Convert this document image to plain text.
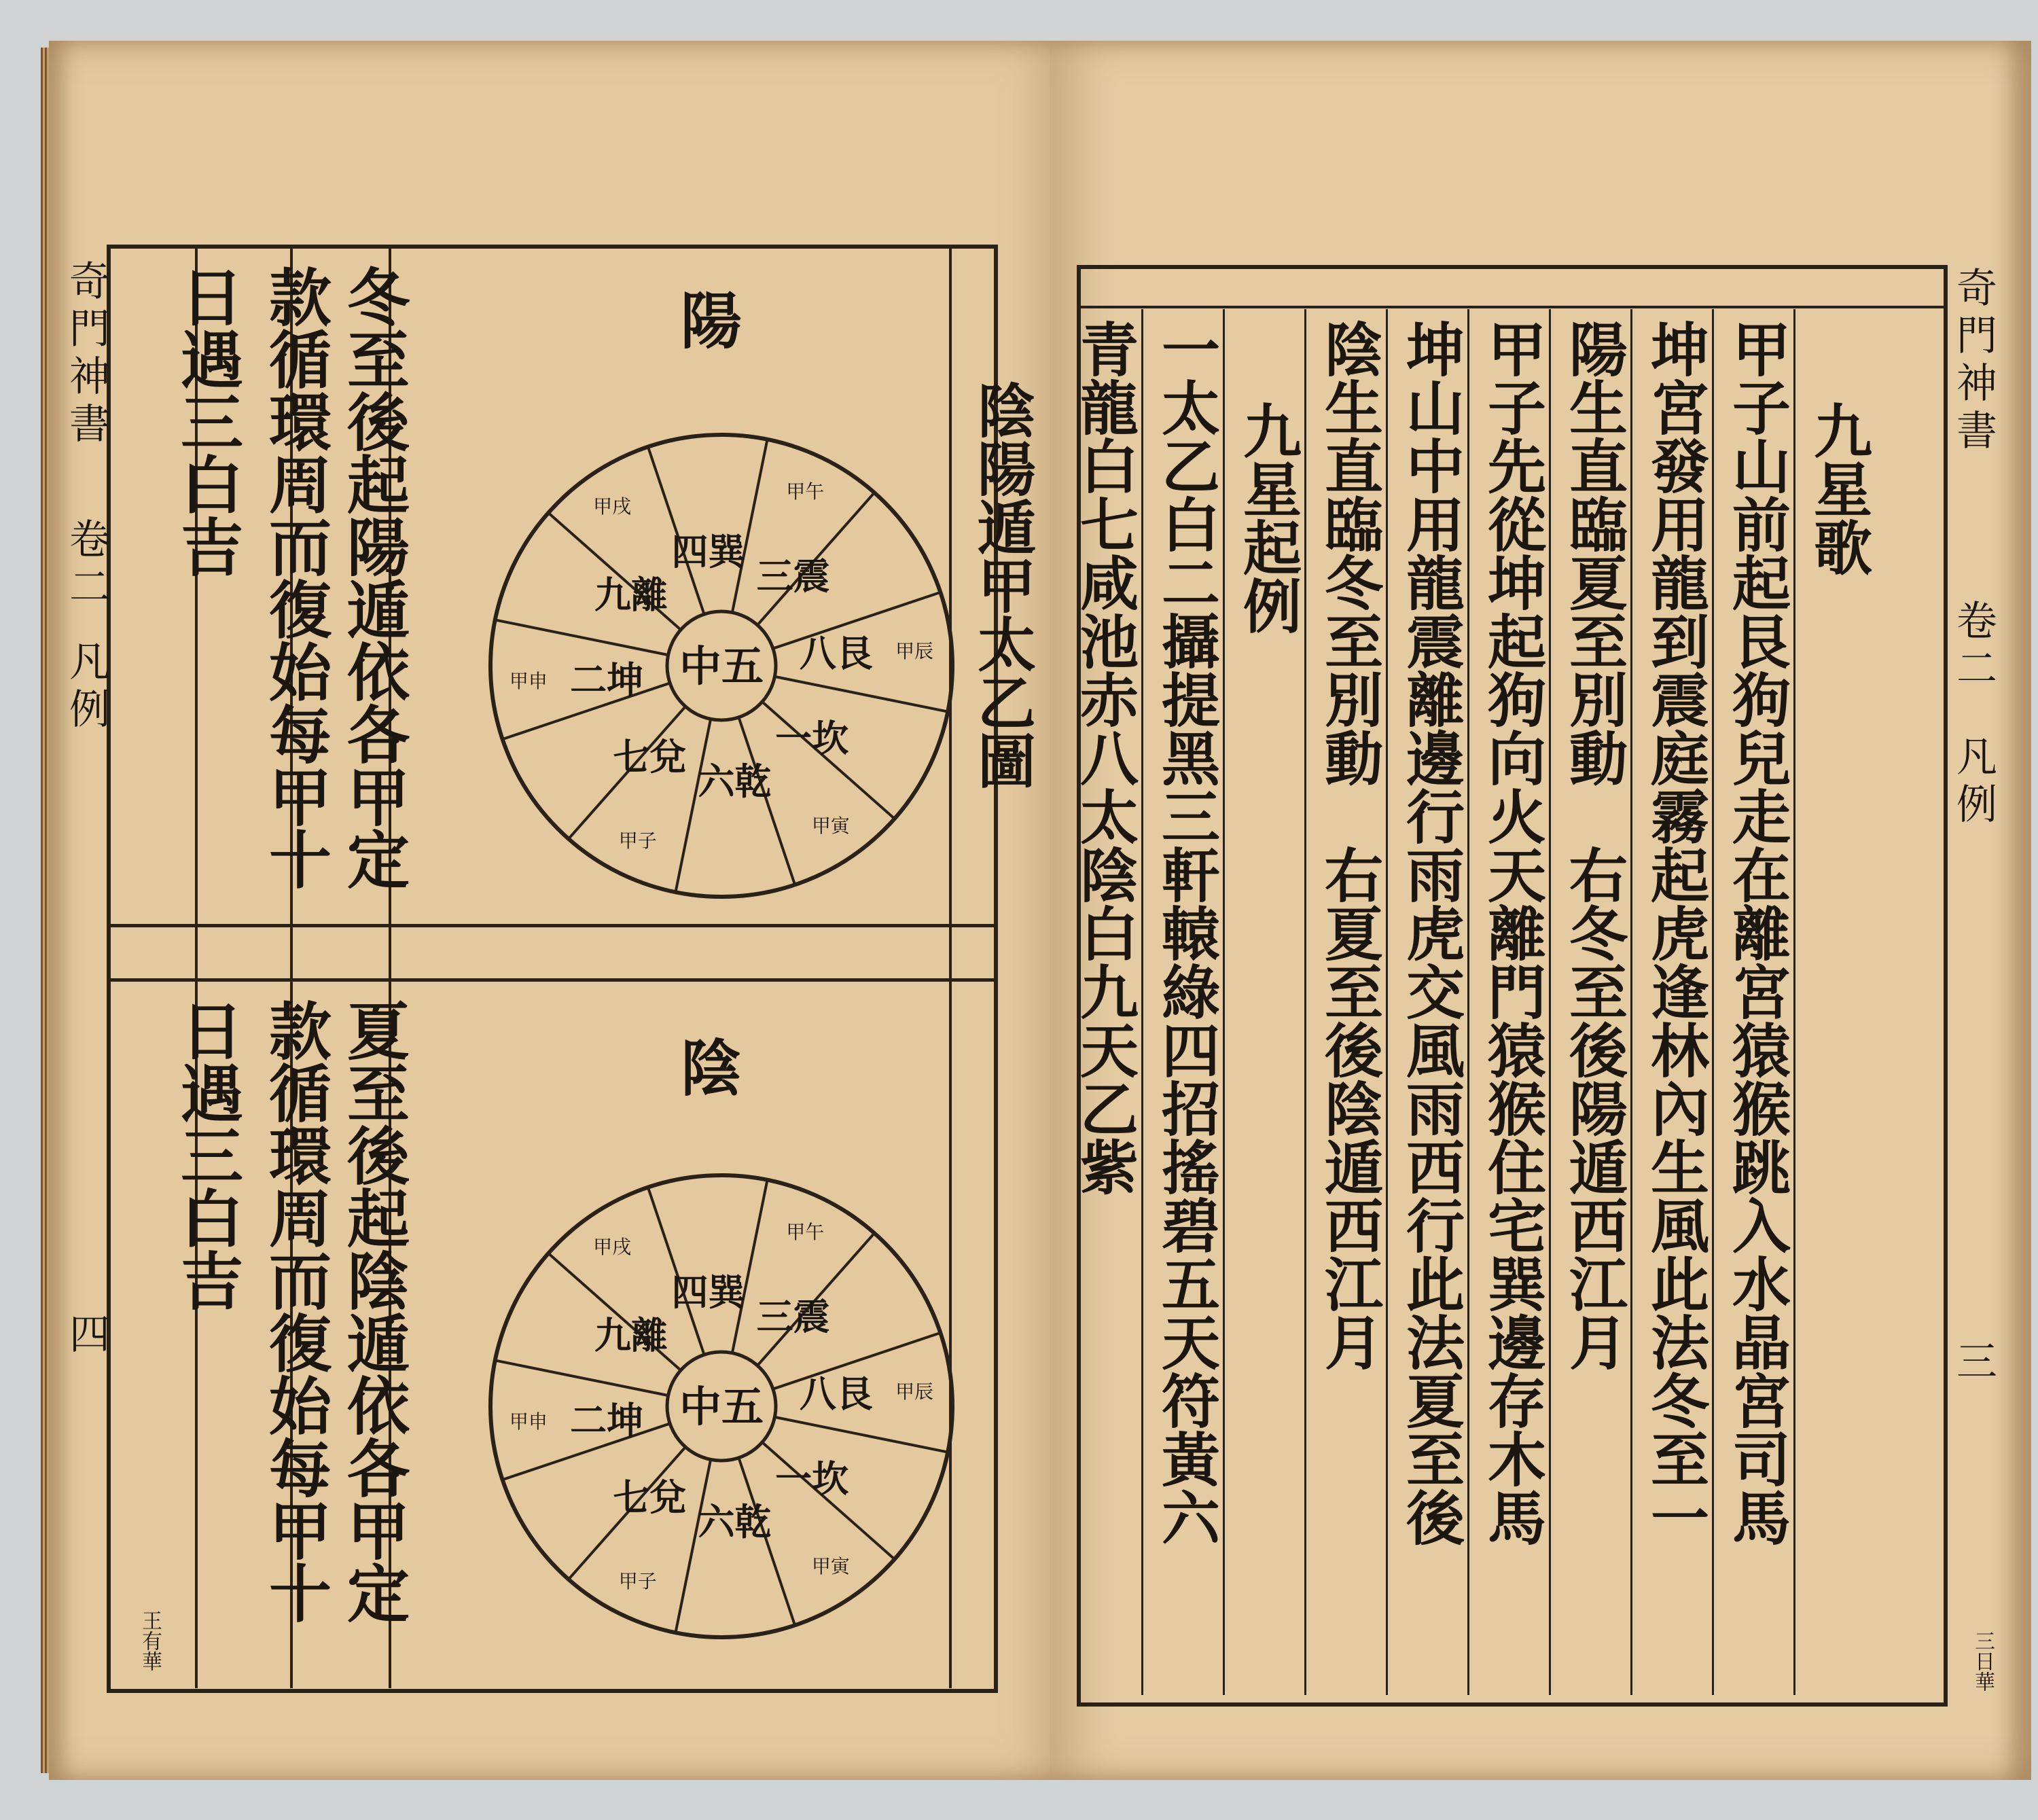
奇門神書
卷二
凡例
四
王有華
冬至後起陽遁依各甲定
款循環周而復始每甲十
日遇三白吉
夏至後起陰遁依各甲定
款循環周而復始每甲十
日遇三白吉
陰陽遁甲太乙圖
陽
陰
中五
九離
四巽
三震
八艮
一坎
六乾
七兌
二坤
甲戌
甲午
甲辰
甲寅
甲子
甲申
中五
九離
四巽
三震
八艮
一坎
六乾
七兌
二坤
甲戌
甲午
甲辰
甲寅
甲子
甲申
九星歌
甲子山前起艮狗兒走在離宮猿猴跳入水晶宮司馬
坤宮發用龍到震庭霧起虎逢林內生風此法冬至一
陽生直臨夏至別動　右冬至後陽遁西江月
甲子先從坤起狗向火天離門猿猴住宅巽邊存木馬
坤山中用龍震離邊行雨虎交風雨西行此法夏至後
陰生直臨冬至別動　右夏至後陰遁西江月
九星起例
一太乙白二攝提黑三軒轅綠四招搖碧五天符黃六
青龍白七咸池赤八太陰白九天乙紫
奇門神書
卷二
凡例
三
三日華
